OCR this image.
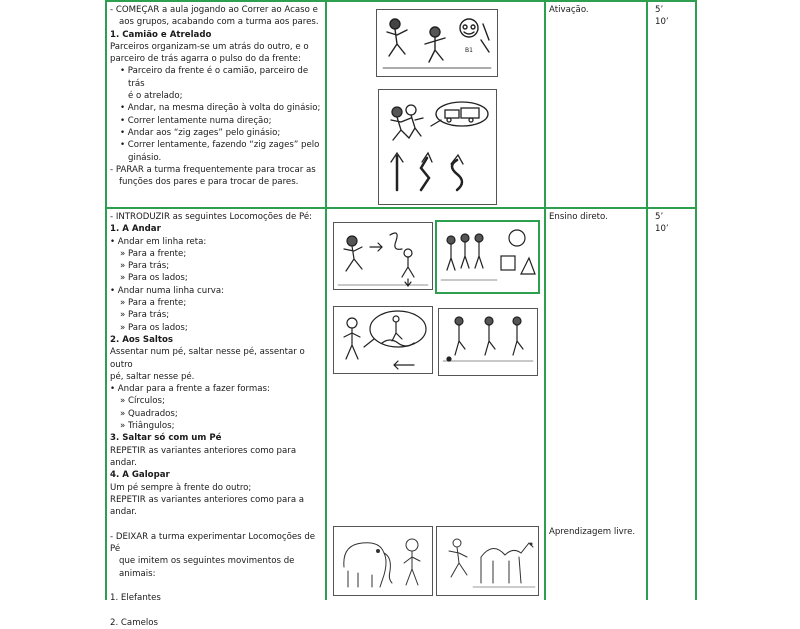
- COMEÇAR a aula jogando ao Correr ao Acaso e

aos grupos, acabando com a turma aos pares.

1. Camião e Atrelado

Parceiros organizam-se um atrás do outro, e o

parceiro de trás agarra o pulso do da frente:

• Parceiro da frente é o camião, parceiro de trás

é o atrelado;

• Andar, na mesma direção à volta do ginásio;

• Correr lentamente numa direção;

• Andar aos “zig zages” pelo ginásio;

• Correr lentamente, fazendo “zig zages” pelo

ginásio.

- PARAR a turma frequentemente para trocar as

funções dos pares e para trocar de pares.

Ativação.	5’

10’

B1

- INTRODUZIR as seguintes Locomoções de Pé:

1. A Andar

• Andar em linha reta:

» Para a frente;

» Para trás;

» Para os lados;

• Andar numa linha curva:

» Para a frente;

» Para trás;

» Para os lados;

2. Aos Saltos

Assentar num pé, saltar nesse pé, assentar o outro

pé, saltar nesse pé.

• Andar para a frente a fazer formas:

» Círculos;

» Quadrados;

» Triângulos;

3. Saltar só com um Pé

REPETIR as variantes anteriores como para andar.

4. A Galopar

Um pé sempre à frente do outro;

REPETIR as variantes anteriores como para a

andar.

- DEIXAR a turma experimentar Locomoções de Pé

que imitem os seguintes movimentos de animais:

1. Elefantes

2. Camelos

Ensino direto.

Aprendizagem livre.

5’

10’
